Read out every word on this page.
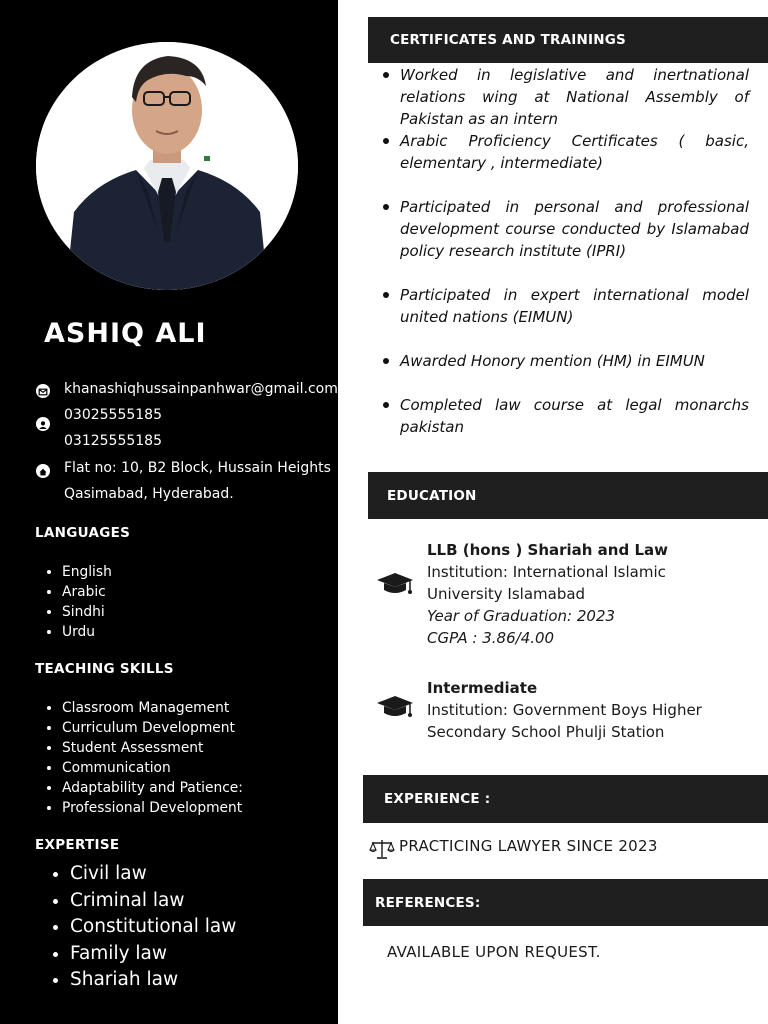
ASHIQ ALI
khanashiqhussainpanhwar@gmail.com
03025555185
03125555185
Flat no: 10, B2 Block, Hussain Heights
Qasimabad, Hyderabad.
LANGUAGES
• English
• Arabic
• Sindhi
• Urdu
TEACHING SKILLS
• Classroom Management
• Curriculum Development
• Student Assessment
• Communication
• Adaptability and Patience:
• Professional Development
EXPERTISE
• Civil law
• Criminal law
• Constitutional law
• Family law
• Shariah law
CERTIFICATES AND TRAININGS
Worked in legislative and inertnational relations wing at National Assembly of Pakistan as an intern
Arabic Proficiency Certificates ( basic, elementary , intermediate)
Participated in personal and professional development course conducted by Islamabad policy research institute (IPRI)
Participated in expert international model united nations (EIMUN)
Awarded Honory mention (HM) in EIMUN
Completed law course at legal monarchs pakistan
EDUCATION
LLB (hons ) Shariah and Law
Institution: International Islamic
University Islamabad
Year of Graduation: 2023
CGPA : 3.86/4.00
Intermediate
Institution: Government Boys Higher
Secondary School Phulji Station
EXPERIENCE :
PRACTICING LAWYER SINCE 2023
REFERENCES:
AVAILABLE UPON REQUEST.
